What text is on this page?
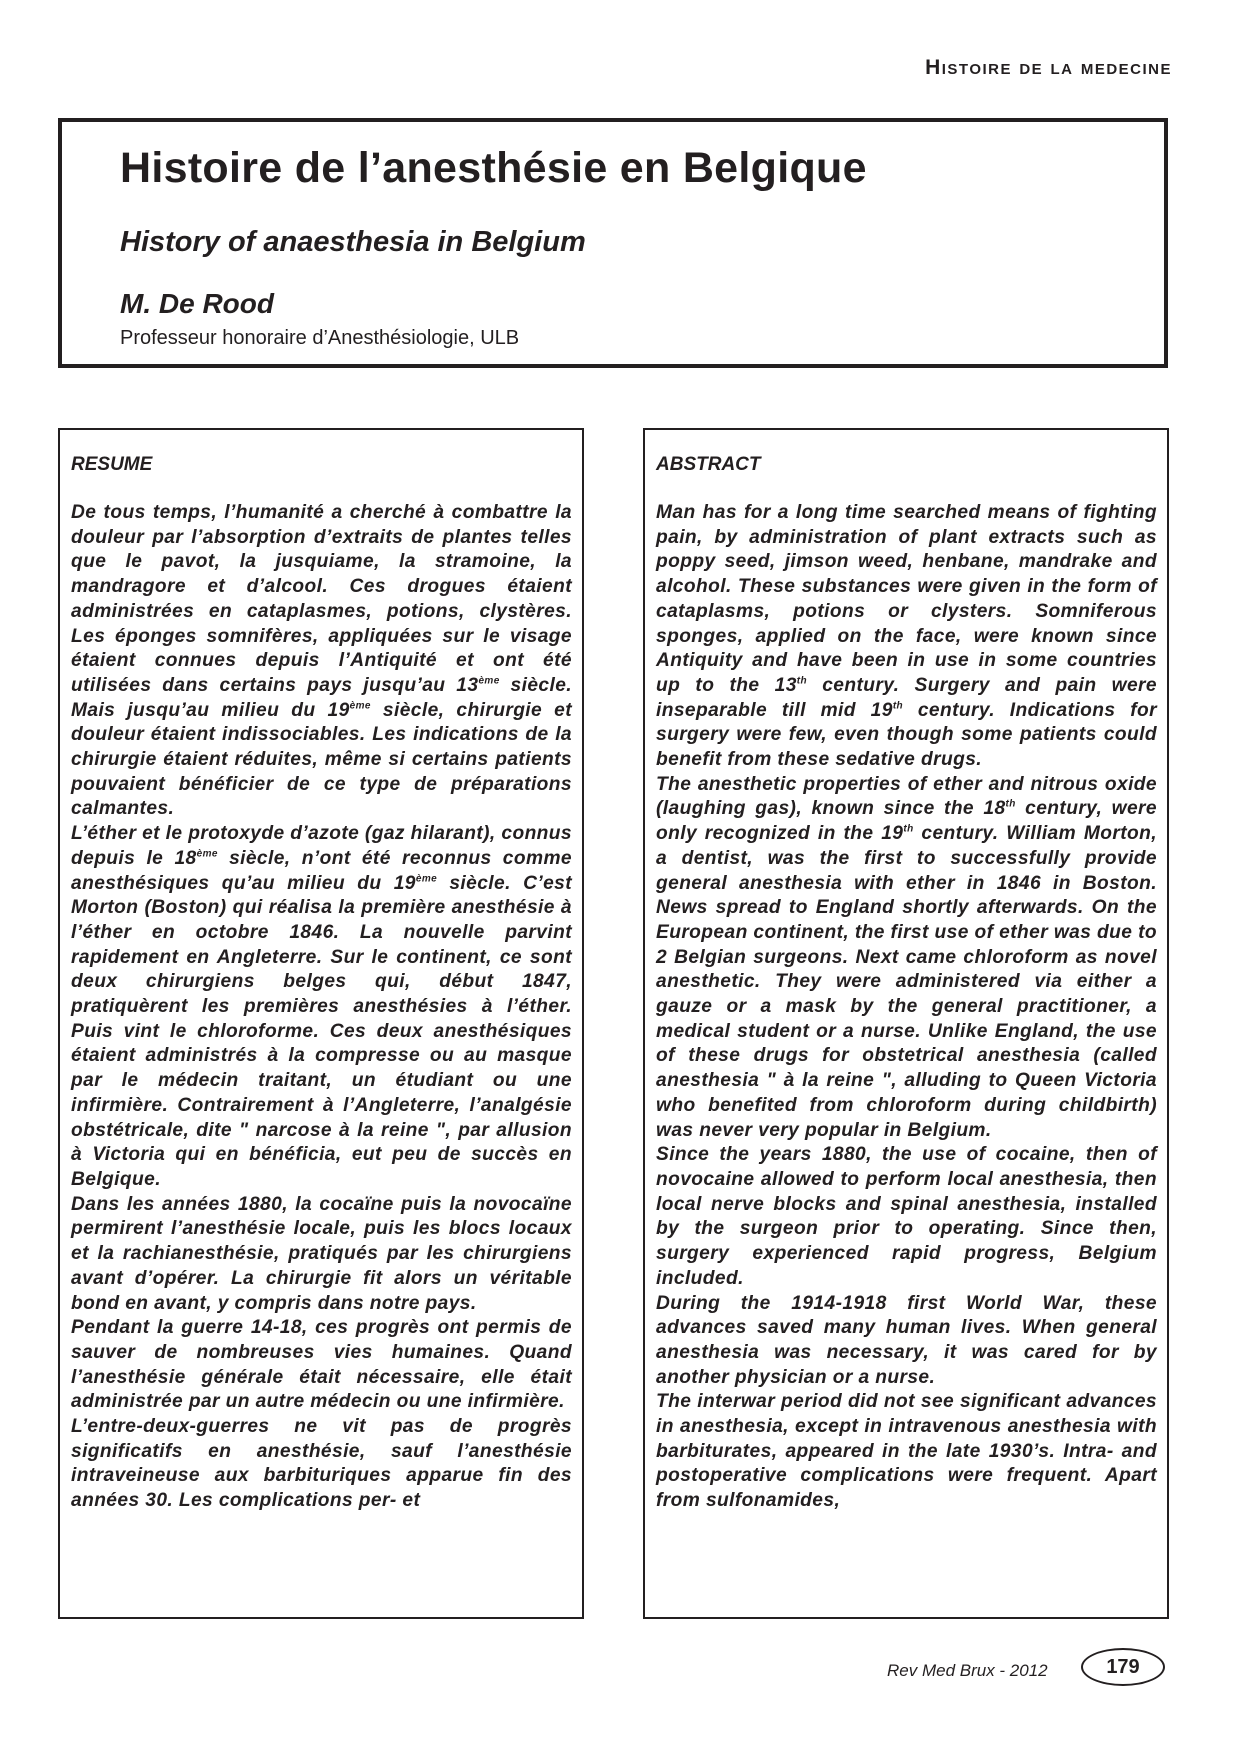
Histoire de la medecine
Histoire de l’anesthésie en Belgique
History of anaesthesia in Belgium

M. De Rood

Professeur honoraire d’Anesthésiologie, ULB

RESUME

De tous temps, l’humanité a cherché à combattre la douleur par l’absorption d’extraits de plantes telles que le pavot, la jusquiame, la stramoine, la mandragore et d’alcool. Ces drogues étaient administrées en cataplasmes, potions, clystères. Les éponges somnifères, appliquées sur le visage étaient connues depuis l’Antiquité et ont été utilisées dans certains pays jusqu’au 13ème siècle. Mais jusqu’au milieu du 19ème siècle, chirurgie et douleur étaient indissociables. Les indications de la chirurgie étaient réduites, même si certains patients pouvaient bénéficier de ce type de préparations calmantes.

L’éther et le protoxyde d’azote (gaz hilarant), connus depuis le 18ème siècle, n’ont été reconnus comme anesthésiques qu’au milieu du 19ème siècle. C’est Morton (Boston) qui réalisa la première anesthésie à l’éther en octobre 1846. La nouvelle parvint rapidement en Angleterre. Sur le continent, ce sont deux chirurgiens belges qui, début 1847, pratiquèrent les premières anesthésies à l’éther. Puis vint le chloroforme. Ces deux anesthésiques étaient administrés à la compresse ou au masque par le médecin traitant, un étudiant ou une infirmière. Contrairement à l’Angleterre, l’analgésie obstétricale, dite " narcose à la reine ", par allusion à Victoria qui en bénéficia, eut peu de succès en Belgique.

Dans les années 1880, la cocaïne puis la novocaïne permirent l’anesthésie locale, puis les blocs locaux et la rachianesthésie, pratiqués par les chirurgiens avant d’opérer. La chirurgie fit alors un véritable bond en avant, y compris dans notre pays.

Pendant la guerre 14-18, ces progrès ont permis de sauver de nombreuses vies humaines. Quand l’anesthésie générale était nécessaire, elle était administrée par un autre médecin ou une infirmière.

L’entre-deux-guerres ne vit pas de progrès significatifs en anesthésie, sauf l’anesthésie intraveineuse aux barbituriques apparue fin des années 30. Les complications per- et

ABSTRACT

Man has for a long time searched means of fighting pain, by administration of plant extracts such as poppy seed, jimson weed, henbane, mandrake and alcohol. These substances were given in the form of cataplasms, potions or clysters. Somniferous sponges, applied on the face, were known since Antiquity and have been in use in some countries up to the 13th century. Surgery and pain were inseparable till mid 19th century. Indications for surgery were few, even though some patients could benefit from these sedative drugs.

The anesthetic properties of ether and nitrous oxide (laughing gas), known since the 18th century, were only recognized in the 19th century. William Morton, a dentist, was the first to successfully provide general anesthesia with ether in 1846 in Boston. News spread to England shortly afterwards. On the European continent, the first use of ether was due to 2 Belgian surgeons. Next came chloroform as novel anesthetic. They were administered via either a gauze or a mask by the general practitioner, a medical student or a nurse. Unlike England, the use of these drugs for obstetrical anesthesia (called anesthesia " à la reine ", alluding to Queen Victoria who benefited from chloroform during childbirth) was never very popular in Belgium.

Since the years 1880, the use of cocaine, then of novocaine allowed to perform local anesthesia, then local nerve blocks and spinal anesthesia, installed by the surgeon prior to operating. Since then, surgery experienced rapid progress, Belgium included.

During the 1914-1918 first World War, these advances saved many human lives. When general anesthesia was necessary, it was cared for by another physician or a nurse.

The interwar period did not see significant advances in anesthesia, except in intravenous anesthesia with barbiturates, appeared in the late 1930’s. Intra- and postoperative complications were frequent. Apart from sulfonamides,

Rev Med Brux - 2012	179
